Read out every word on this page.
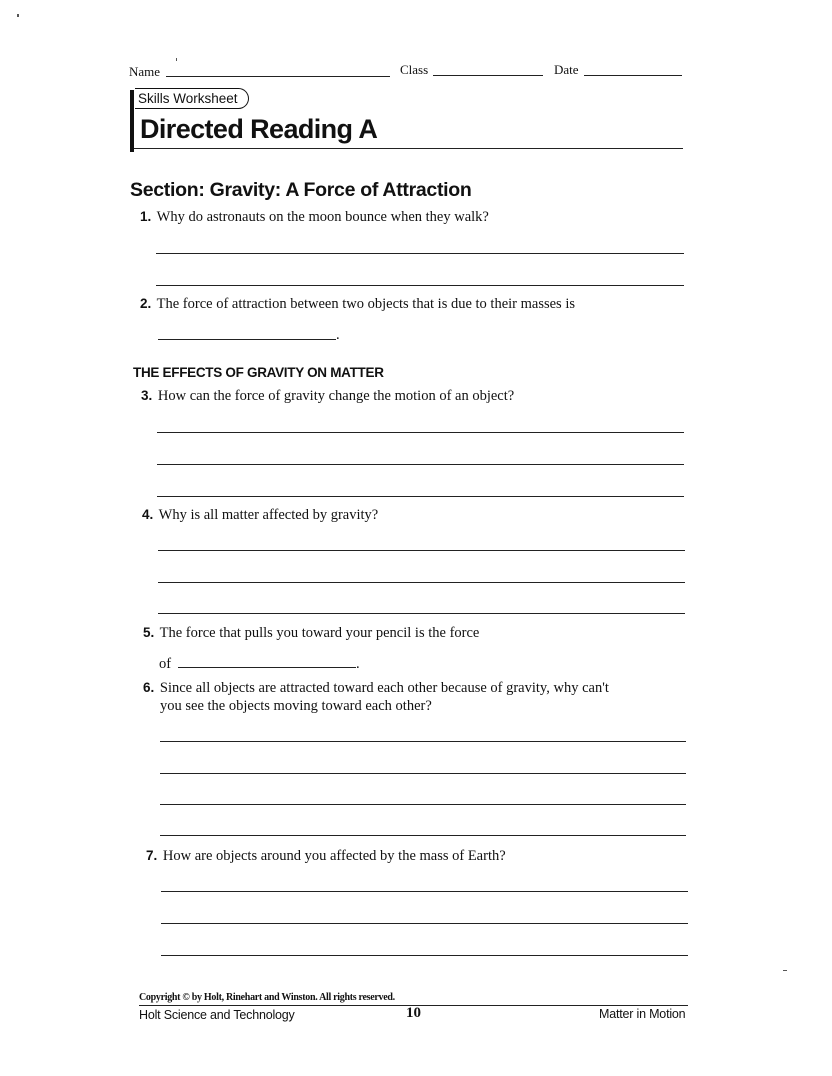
Name	Class	Date
Skills Worksheet
Directed Reading A
Section: Gravity: A Force of Attraction
1. Why do astronauts on the moon bounce when they walk?
2. The force of attraction between two objects that is due to their masses is
.
THE EFFECTS OF GRAVITY ON MATTER
3. How can the force of gravity change the motion of an object?
4. Why is all matter affected by gravity?
5. The force that pulls you toward your pencil is the force
of	.
6. Since all objects are attracted toward each other because of gravity, why can't
you see the objects moving toward each other?
7. How are objects around you affected by the mass of Earth?
Copyright © by Holt, Rinehart and Winston. All rights reserved.
Holt Science and Technology	10	Matter in Motion
